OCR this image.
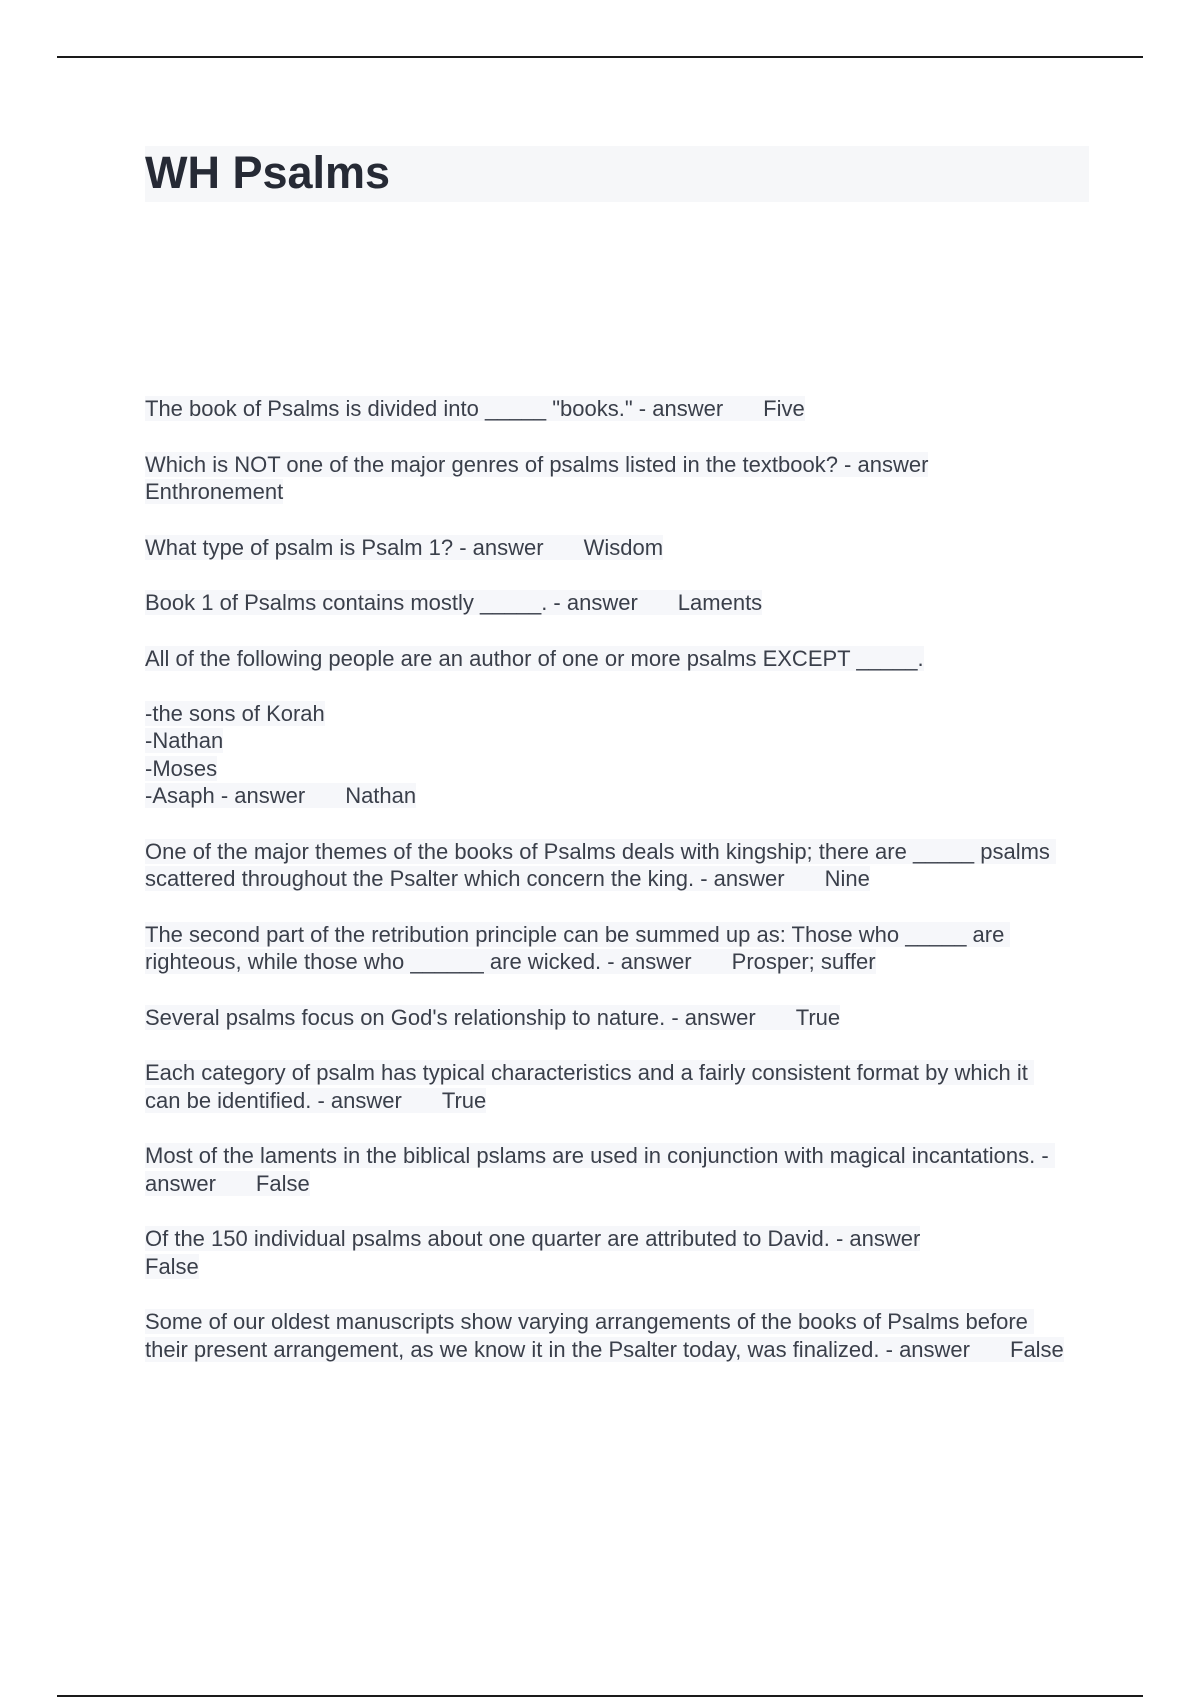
WH Psalms

The book of Psalms is divided into _____ "books." - answer Five

Which is NOT one of the major genres of psalms listed in the textbook? - answer
Enthronement

What type of psalm is Psalm 1? - answer Wisdom

Book 1 of Psalms contains mostly _____. - answer Laments

All of the following people are an author of one or more psalms EXCEPT _____.

-the sons of Korah
-Nathan
-Moses
-Asaph - answer Nathan

One of the major themes of the books of Psalms deals with kingship; there are _____ psalms scattered throughout the Psalter which concern the king. - answer Nine

The second part of the retribution principle can be summed up as: Those who _____ are righteous, while those who ______ are wicked. - answer Prosper; suffer

Several psalms focus on God's relationship to nature. - answer True

Each category of psalm has typical characteristics and a fairly consistent format by which it can be identified. - answer True

Most of the laments in the biblical pslams are used in conjunction with magical incantations. - answer False

Of the 150 individual psalms about one quarter are attributed to David. - answer
False

Some of our oldest manuscripts show varying arrangements of the books of Psalms before their present arrangement, as we know it in the Psalter today, was finalized. - answer False
